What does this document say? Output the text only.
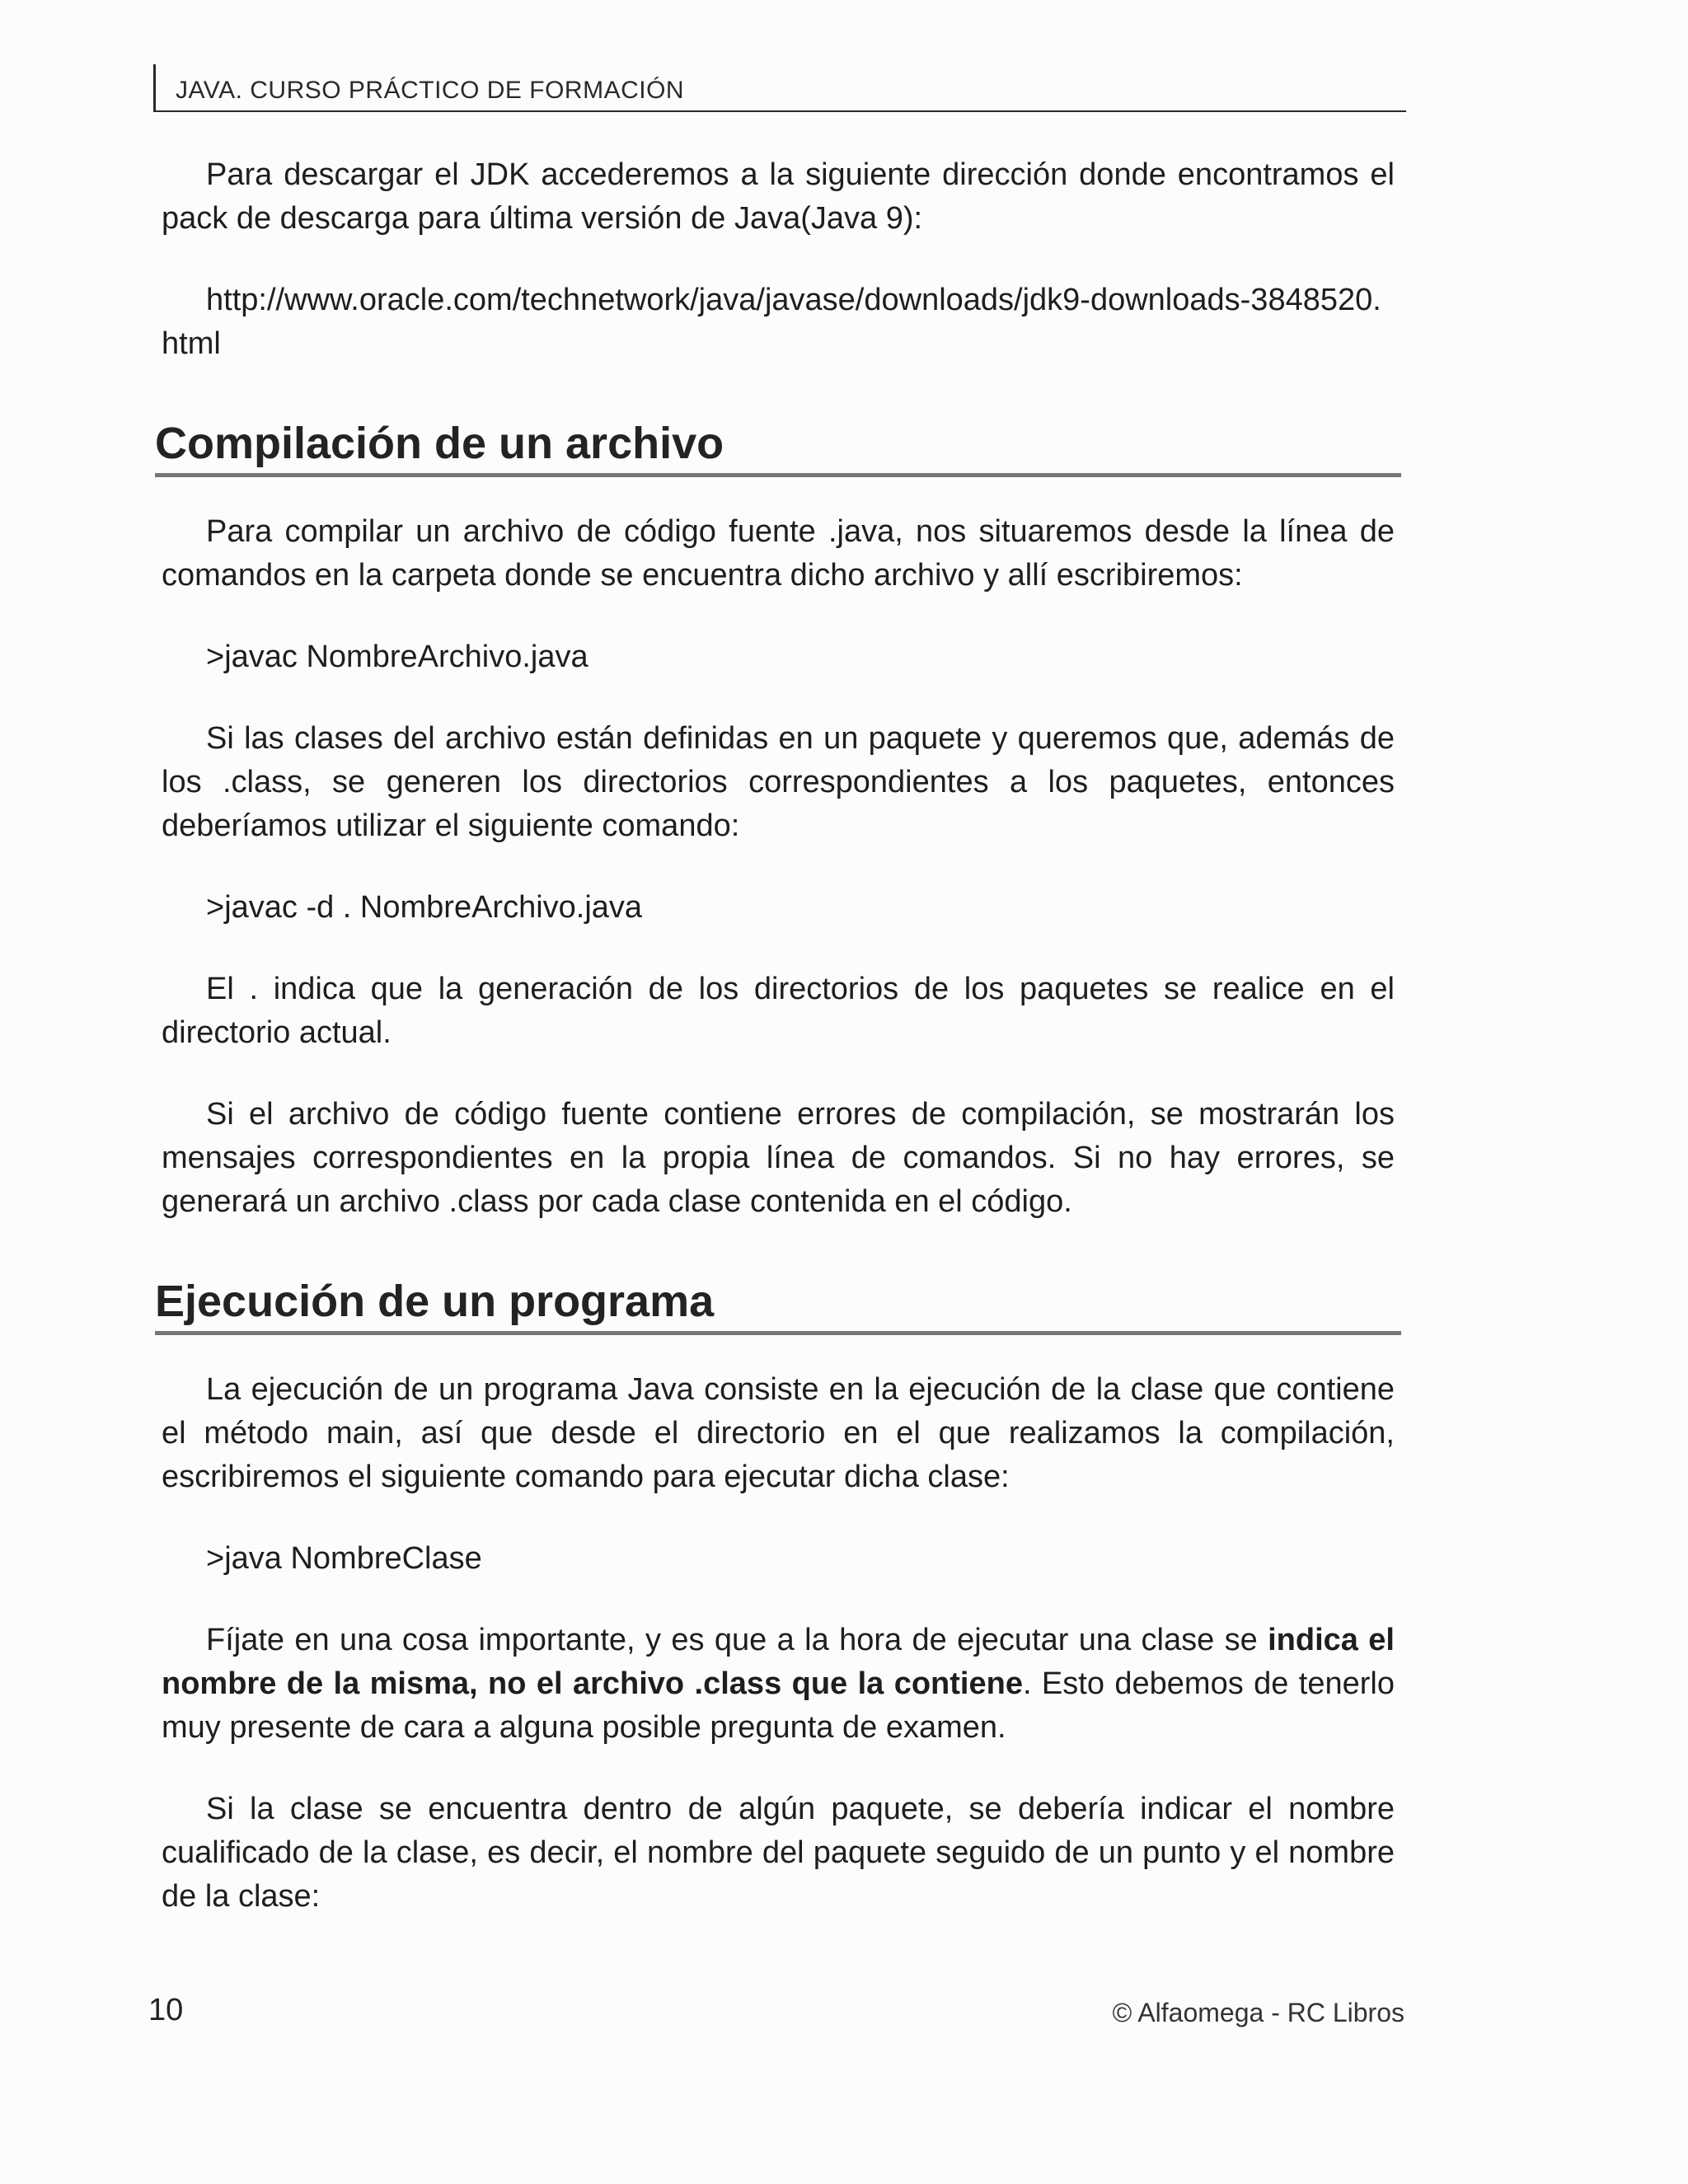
JAVA. CURSO PRÁCTICO DE FORMACIÓN

Para descargar el JDK accederemos a la siguiente dirección donde encontramos el pack de descarga para última versión de Java(Java 9):

http://www.oracle.com/technetwork/java/javase/downloads/jdk9-downloads-3848520.html

Compilación de un archivo

Para compilar un archivo de código fuente .java, nos situaremos desde la línea de comandos en la carpeta donde se encuentra dicho archivo y allí escribiremos:

>javac NombreArchivo.java

Si las clases del archivo están definidas en un paquete y queremos que, además de los .class, se generen los directorios correspondientes a los paquetes, entonces deberíamos utilizar el siguiente comando:

>javac -d . NombreArchivo.java

El . indica que la generación de los directorios de los paquetes se realice en el directorio actual.

Si el archivo de código fuente contiene errores de compilación, se mostrarán los mensajes correspondientes en la propia línea de comandos. Si no hay errores, se generará un archivo .class por cada clase contenida en el código.

Ejecución de un programa

La ejecución de un programa Java consiste en la ejecución de la clase que contiene el método main, así que desde el directorio en el que realizamos la compilación, escribiremos el siguiente comando para ejecutar dicha clase:

>java NombreClase

Fíjate en una cosa importante, y es que a la hora de ejecutar una clase se indica el nombre de la misma, no el archivo .class que la contiene. Esto debemos de tenerlo muy presente de cara a alguna posible pregunta de examen.

Si la clase se encuentra dentro de algún paquete, se debería indicar el nombre cualificado de la clase, es decir, el nombre del paquete seguido de un punto y el nombre de la clase:

10	© Alfaomega - RC Libros
